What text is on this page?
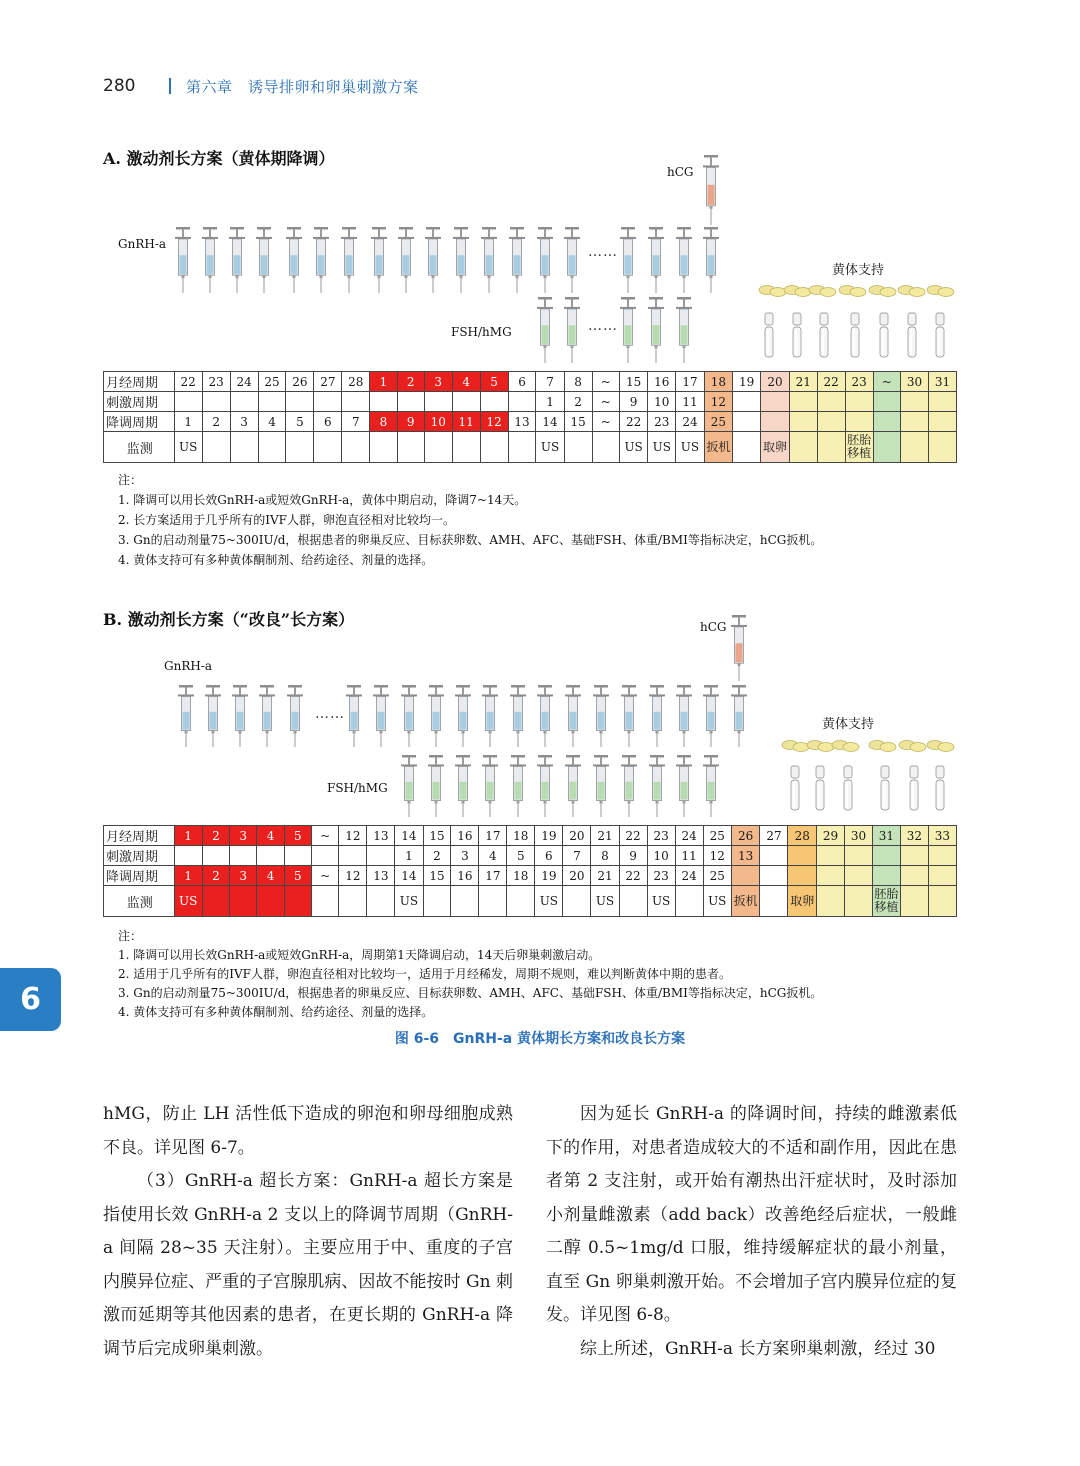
280	第六章　诱导排卵和卵巢刺激方案
A. 激动剂长方案（黄体期降调）
hCG
GnRH-a
FSH/hMG
黄体支持
……
……
月经周期	22	23	24	25	26	27	28	1	2	3	4	5	6	7	8	~	15	16	17	18	19	20	21	22	23	~	30	31
刺激周期														1	2	~	9	10	11	12								
降调周期	1	2	3	4	5	6	7	8	9	10	11	12	13	14	15	~	22	23	24	25								
监测	US													US			US	US	US	扳机		取卵			胚胎移植			
注：
1. 降调可以用长效GnRH-a或短效GnRH-a，黄体中期启动，降调7~14天。
2. 长方案适用于几乎所有的IVF人群，卵泡直径相对比较均一。
3. Gn的启动剂量75~300IU/d，根据患者的卵巢反应、目标获卵数、AMH、AFC、基础FSH、体重/BMI等指标决定，hCG扳机。
4. 黄体支持可有多种黄体酮制剂、给药途径、剂量的选择。
B. 激动剂长方案（“改良”长方案）	hCG
GnRH-a
FSH/hMG
黄体支持
……
月经周期	1	2	3	4	5	~	12	13	14	15	16	17	18	19	20	21	22	23	24	25	26	27	28	29	30	31	32	33
刺激周期									1	2	3	4	5	6	7	8	9	10	11	12	13							
降调周期	1	2	3	4	5	~	12	13	14	15	16	17	18	19	20	21	22	23	24	25								
监测	US								US					US		US		US		US	扳机		取卵			胚胎移植		
注：
1. 降调可以用长效GnRH-a或短效GnRH-a，周期第1天降调启动，14天后卵巢刺激启动。
2. 适用于几乎所有的IVF人群，卵泡直径相对比较均一，适用于月经稀发，周期不规则，难以判断黄体中期的患者。
3. Gn的启动剂量75~300IU/d，根据患者的卵巢反应、目标获卵数、AMH、AFC、基础FSH、体重/BMI等指标决定，hCG扳机。
4. 黄体支持可有多种黄体酮制剂、给药途径、剂量的选择。
图 6-6　GnRH-a 黄体期长方案和改良长方案
6

hMG，防止 LH 活性低下造成的卵泡和卵母细胞成熟不良。详见图 6-7。

（3）GnRH-a 超长方案：GnRH-a 超长方案是指使用长效 GnRH-a 2 支以上的降调节周期（GnRH-a 间隔 28~35 天注射）。主要应用于中、重度的子宫内膜异位症、严重的子宫腺肌病、因故不能按时 Gn 刺激而延期等其他因素的患者，在更长期的 GnRH-a 降调节后完成卵巢刺激。

因为延长 GnRH-a 的降调时间，持续的雌激素低下的作用，对患者造成较大的不适和副作用，因此在患者第 2 支注射，或开始有潮热出汗症状时，及时添加小剂量雌激素（add back）改善绝经后症状，一般雌二醇 0.5~1mg/d 口服，维持缓解症状的最小剂量，直至 Gn 卵巢刺激开始。不会增加子宫内膜异位症的复发。详见图 6-8。

综上所述，GnRH-a 长方案卵巢刺激，经过 30
